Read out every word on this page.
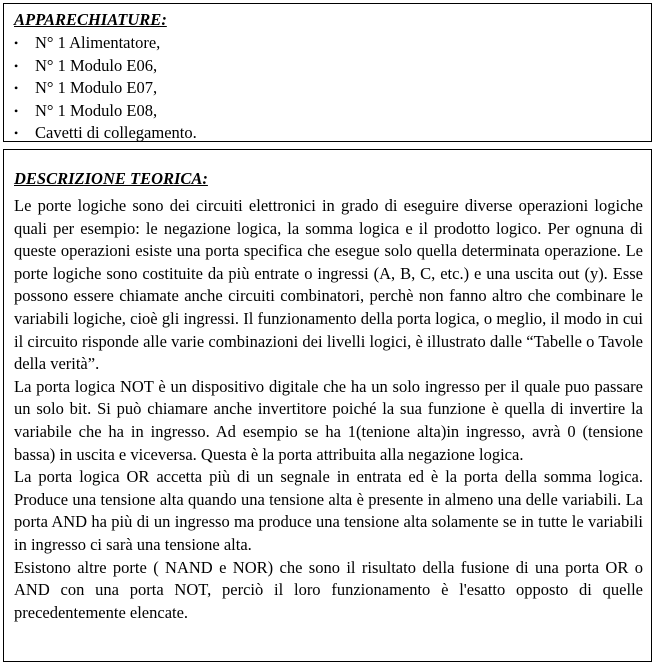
APPARECHIATURE:

• N° 1 Alimentatore,
• N° 1 Modulo E06,
• N° 1 Modulo E07,
• N° 1 Modulo E08,
• Cavetti di collegamento.

DESCRIZIONE TEORICA:

Le porte logiche sono dei circuiti elettronici in grado di eseguire diverse operazioni logiche quali per esempio: le negazione logica, la somma logica e il prodotto logico. Per ognuna di queste operazioni esiste una porta specifica che esegue solo quella determinata operazione. Le porte logiche sono costituite da più entrate o ingressi (A, B, C, etc.) e una uscita out (y). Esse possono essere chiamate anche circuiti combinatori, perchè non fanno altro che combinare le variabili logiche, cioè gli ingressi. Il funzionamento della porta logica, o meglio, il modo in cui il circuito risponde alle varie combinazioni dei livelli logici, è illustrato dalle “Tabelle o Tavole della verità”.

La porta logica NOT è un dispositivo digitale che ha un solo ingresso per il quale puo passare un solo bit. Si può chiamare anche invertitore poiché la sua funzione è quella di invertire la variabile che ha in ingresso. Ad esempio se ha 1(tenione alta)in ingresso, avrà 0 (tensione bassa) in uscita e viceversa. Questa è la porta attribuita alla negazione logica.

La porta logica OR accetta più di un segnale in entrata ed è la porta della somma logica. Produce una tensione alta quando una tensione alta è presente in almeno una delle variabili. La porta AND ha più di un ingresso ma produce una tensione alta solamente se in tutte le variabili in ingresso ci sarà una tensione alta.

Esistono altre porte ( NAND e NOR) che sono il risultato della fusione di una porta OR o AND con una porta NOT, perciò il loro funzionamento è l'esatto opposto di quelle precedentemente elencate.
